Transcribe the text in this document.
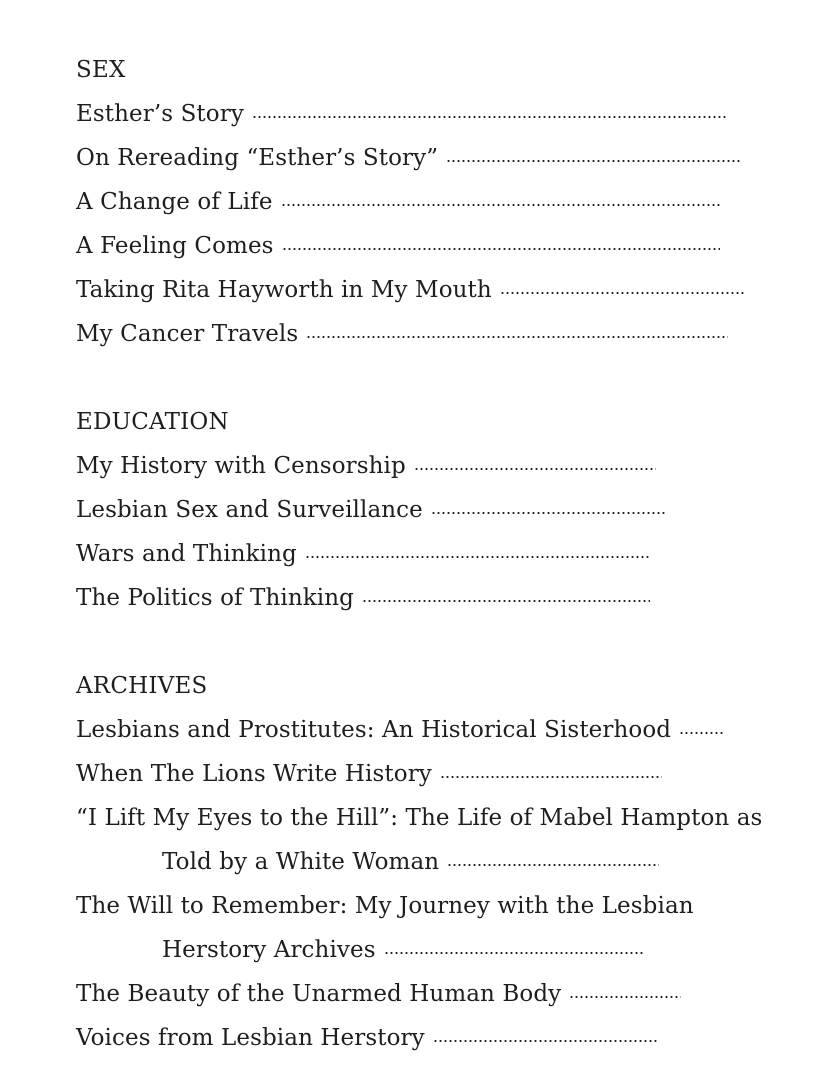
SEX
Esther’s Story
On Rereading “Esther’s Story”
A Change of Life
A Feeling Comes
Taking Rita Hayworth in My Mouth
My Cancer Travels
EDUCATION
My History with Censorship
Lesbian Sex and Surveillance
Wars and Thinking
The Politics of Thinking
ARCHIVES
Lesbians and Prostitutes: An Historical Sisterhood
When The Lions Write History
“I Lift My Eyes to the Hill”: The Life of Mabel Hampton as
Told by a White Woman
The Will to Remember: My Journey with the Lesbian
Herstory Archives
The Beauty of the Unarmed Human Body
Voices from Lesbian Herstory
